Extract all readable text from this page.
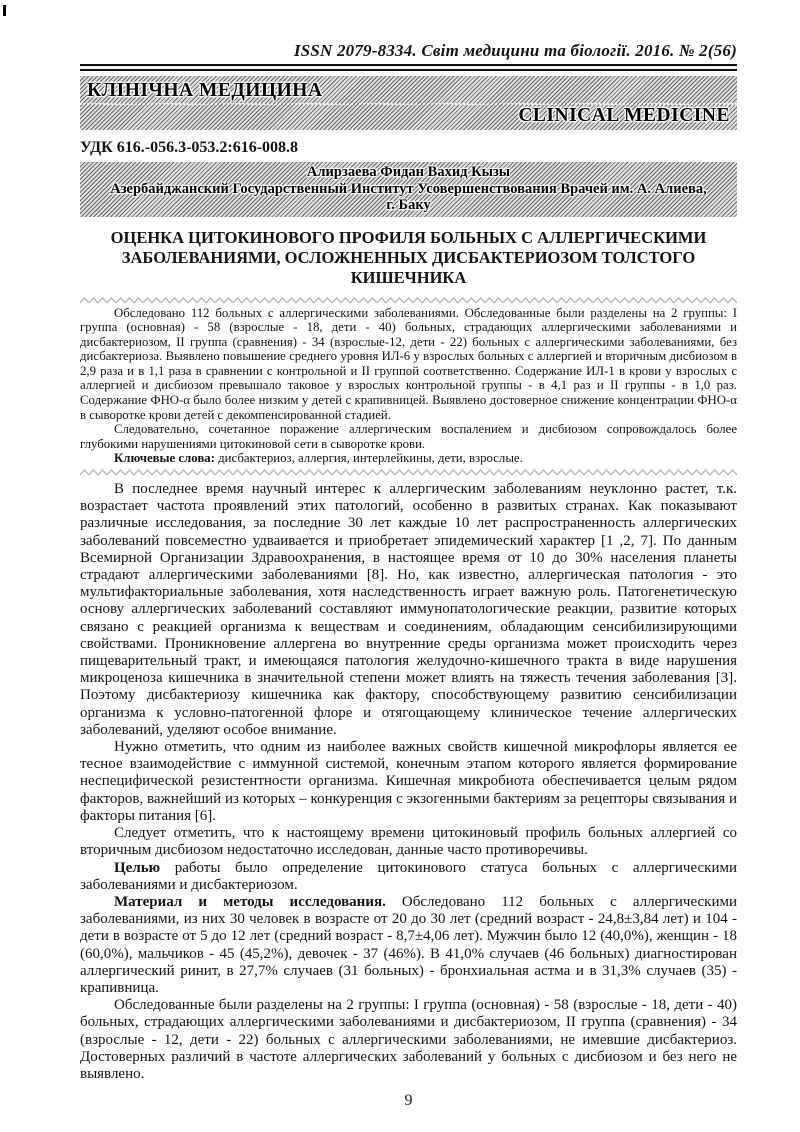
ISSN 2079-8334. Світ медицини та біології. 2016. № 2(56)
КЛІНІЧНА МЕДИЦИНА
CLINICAL MEDICINE
УДК 616.-056.3-053.2:616-008.8
Алирзаева Фидан Вахид Кызы
Азербайджанский Государственный Институт Усовершенствования Врачей им. А. Алиева,
г. Баку
ОЦЕНКА ЦИТОКИНОВОГО ПРОФИЛЯ БОЛЬНЫХ С АЛЛЕРГИЧЕСКИМИ ЗАБОЛЕВАНИЯМИ, ОСЛОЖНЕННЫХ ДИСБАКТЕРИОЗОМ ТОЛСТОГО КИШЕЧНИКА

Обследовано 112 больных с аллергическими заболеваниями. Обследованные были разделены на 2 группы: I группа (основная) - 58 (взрослые - 18, дети - 40) больных, страдающих аллергическими заболеваниями и дисбактериозом, II группа (сравнения) - 34 (взрослые-12, дети - 22) больных с аллергическими заболеваниями, без дисбактериоза. Выявлено повышение среднего уровня ИЛ-6 у взрослых больных с аллергией и вторичным дисбиозом в 2,9 раза и в 1,1 раза в сравнении с контрольной и II группой соответственно. Содержание ИЛ-1 в крови у взрослых с аллергией и дисбиозом превышало таковое у взрослых контрольной группы - в 4,1 раз и II группы - в 1,0 раз. Содержание ФНО-α было более низким у детей с крапивницей. Выявлено достоверное снижение концентрации ФНО-α в сыворотке крови детей с декомпенсированной стадией.

Следовательно, сочетанное поражение аллергическим воспалением и дисбиозом сопровождалось более глубокими нарушениями цитокиновой сети в сыворотке крови.

Ключевые слова: дисбактериоз, аллергия, интерлейкины, дети, взрослые.

В последнее время научный интерес к аллергическим заболеваниям неуклонно растет, т.к. возрастает частота проявлений этих патологий, особенно в развитых странах. Как показывают различные исследования, за последние 30 лет каждые 10 лет распространенность аллергических заболеваний повсеместно удваивается и приобретает эпидемический характер [1 ,2, 7]. По данным Всемирной Организации Здравоохранения, в настоящее время от 10 до 30% населения планеты страдают аллергическими заболеваниями [8]. Но, как известно, аллергическая патология - это мультифакториальные заболевания, хотя наследственность играет важную роль. Патогенетическую основу аллергических заболеваний составляют иммунопатологические реакции, развитие которых связано с реакцией организма к веществам и соединениям, обладающим сенсибилизирующими свойствами. Проникновение аллергена во внутренние среды организма может происходить через пищеварительный тракт, и имеющаяся патология желудочно-кишечного тракта в виде нарушения микроценоза кишечника в значительной степени может влиять на тяжесть течения заболевания [3]. Поэтому дисбактериозу кишечника как фактору, способствующему развитию сенсибилизации организма к условно-патогенной флоре и отягощающему клиническое течение аллергических заболеваний, уделяют особое внимание.

Нужно отметить, что одним из наиболее важных свойств кишечной микрофлоры является ее тесное взаимодействие с иммунной системой, конечным этапом которого является формирование неспецифической резистентности организма. Кишечная микробиота обеспечивается целым рядом факторов, важнейший из которых – конкуренция с экзогенными бактериям за рецепторы связывания и факторы питания [6].

Следует отметить, что к настоящему времени цитокиновый профиль больных аллергией со вторичным дисбиозом недостаточно исследован, данные часто противоречивы.

Целью работы было определение цитокинового статуса больных с аллергическими заболеваниями и дисбактериозом.

Материал и методы исследования. Обследовано 112 больных с аллергическими заболеваниями, из них 30 человек в возрасте от 20 до 30 лет (средний возраст - 24,8±3,84 лет) и 104 - дети в возрасте от 5 до 12 лет (средний возраст - 8,7±4,06 лет). Мужчин было 12 (40,0%), женщин - 18 (60,0%), мальчиков - 45 (45,2%), девочек - 37 (46%). В 41,0% случаев (46 больных) диагностирован аллергический ринит, в 27,7% случаев (31 больных) - бронхиальная астма и в 31,3% случаев (35) - крапивница.

Обследованные были разделены на 2 группы: I группа (основная) - 58 (взрослые - 18, дети - 40) больных, страдающих аллергическими заболеваниями и дисбактериозом, II группа (сравнения) - 34 (взрослые - 12, дети - 22) больных с аллергическими заболеваниями, не имевшие дисбактериоз. Достоверных различий в частоте аллергических заболеваний у больных с дисбиозом и без него не выявлено.

9
